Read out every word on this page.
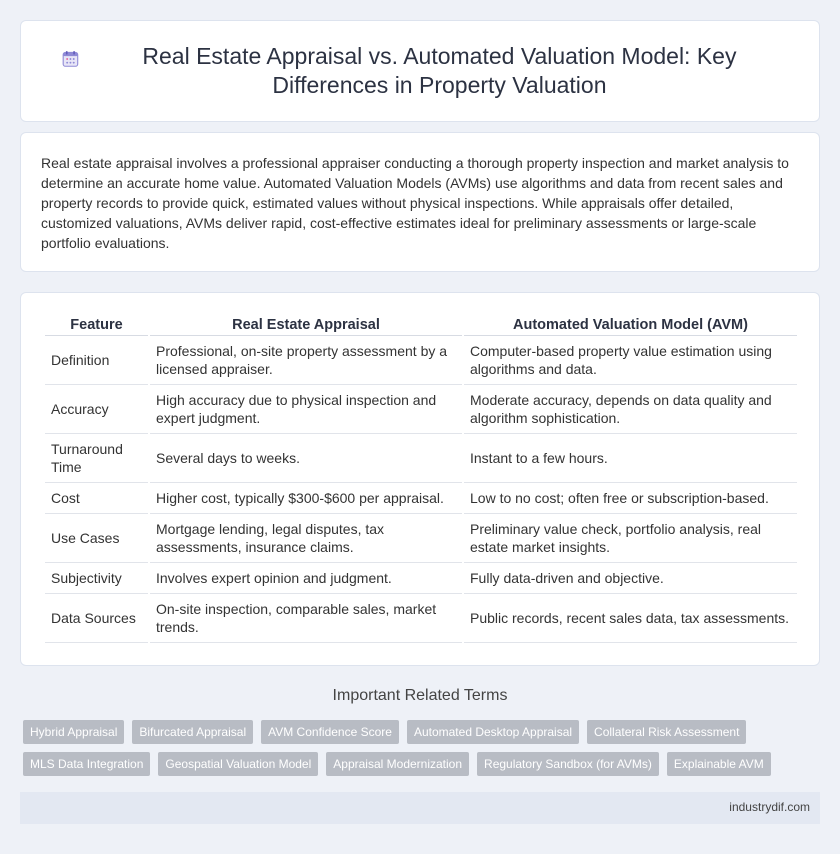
Real Estate Appraisal vs. Automated Valuation Model: Key Differences in Property Valuation

Real estate appraisal involves a professional appraiser conducting a thorough property inspection and market analysis to determine an accurate home value. Automated Valuation Models (AVMs) use algorithms and data from recent sales and property records to provide quick, estimated values without physical inspections. While appraisals offer detailed, customized valuations, AVMs deliver rapid, cost-effective estimates ideal for preliminary assessments or large-scale portfolio evaluations.

Feature	Real Estate Appraisal	Automated Valuation Model (AVM)
Definition	Professional, on-site property assessment by a licensed appraiser.	Computer-based property value estimation using algorithms and data.
Accuracy	High accuracy due to physical inspection and expert judgment.	Moderate accuracy, depends on data quality and algorithm sophistication.
Turnaround Time	Several days to weeks.	Instant to a few hours.
Cost	Higher cost, typically $300-$600 per appraisal.	Low to no cost; often free or subscription-based.
Use Cases	Mortgage lending, legal disputes, tax assessments, insurance claims.	Preliminary value check, portfolio analysis, real estate market insights.
Subjectivity	Involves expert opinion and judgment.	Fully data-driven and objective.
Data Sources	On-site inspection, comparable sales, market trends.	Public records, recent sales data, tax assessments.
Important Related Terms
Hybrid Appraisal	Bifurcated Appraisal	AVM Confidence Score	Automated Desktop Appraisal	Collateral Risk Assessment
MLS Data Integration	Geospatial Valuation Model	Appraisal Modernization	Regulatory Sandbox (for AVMs)	Explainable AVM
industrydif.com
